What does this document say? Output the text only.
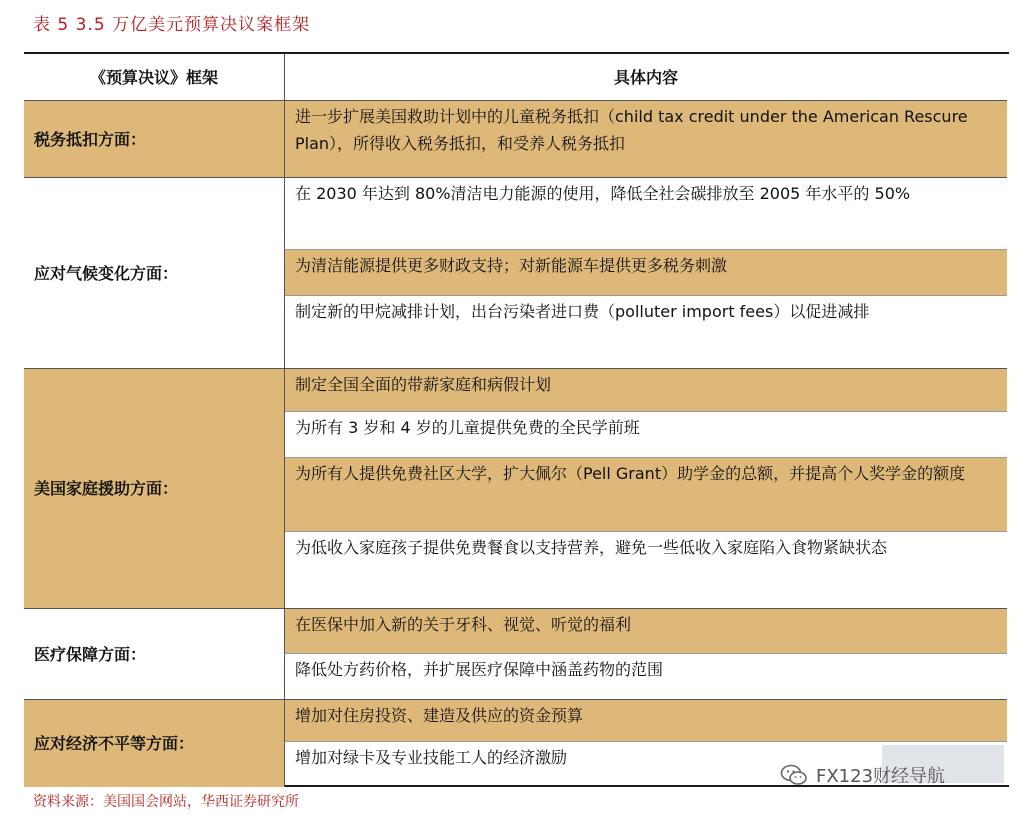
表 5 3.5 万亿美元预算决议案框架
《预算决议》框架	具体内容
税务抵扣方面：
进一步扩展美国救助计划中的儿童税务抵扣（child tax credit under the American Rescure Plan），所得收入税务抵扣，和受养人税务抵扣
应对气候变化方面：
在 2030 年达到 80%清洁电力能源的使用，降低全社会碳排放至 2005 年水平的 50%
为清洁能源提供更多财政支持；对新能源车提供更多税务刺激
制定新的甲烷减排计划，出台污染者进口费（polluter import fees）以促进减排
美国家庭援助方面：
制定全国全面的带薪家庭和病假计划
为所有 3 岁和 4 岁的儿童提供免费的全民学前班
为所有人提供免费社区大学，扩大佩尔（Pell Grant）助学金的总额，并提高个人奖学金的额度
为低收入家庭孩子提供免费餐食以支持营养，避免一些低收入家庭陷入食物紧缺状态
医疗保障方面：
在医保中加入新的关于牙科、视觉、听觉的福利
降低处方药价格，并扩展医疗保障中涵盖药物的范围
应对经济不平等方面：
增加对住房投资、建造及供应的资金预算
增加对绿卡及专业技能工人的经济激励
资料来源：美国国会网站，华西证券研究所
FX123财经导航
